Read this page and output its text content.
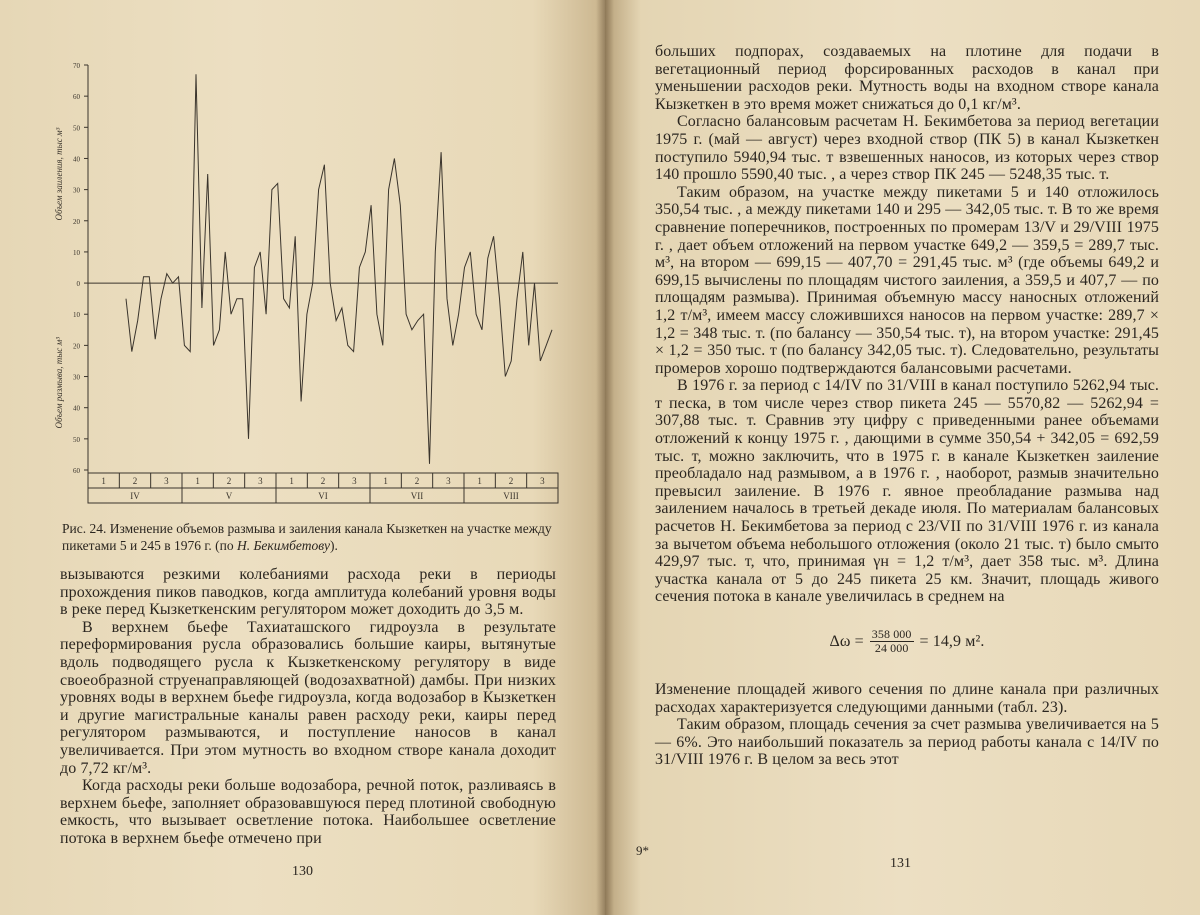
70
60
50
40
30
20
10
0
10
20
30
40
50
60
Объем заиления, тыс м³
Объем размыва, тыс м³
1	2	3	1	2	3	1	2	3	1	2	3	1	2	3
IV	V	VI	VII	VIII
Рис. 24. Изменение объемов размыва и заиления канала Кызкеткен на участке между пикетами 5 и 245 в 1976 г. (по Н. Бекимбетову).

вызываются резкими колебаниями расхода реки в периоды прохождения пиков паводков, когда амплитуда колебаний уровня воды в реке перед Кызкеткенским регулятором может доходить до 3,5 м.

В верхнем бьефе Тахиаташского гидроузла в результате переформирования русла образовались большие каиры, вытянутые вдоль подводящего русла к Кызкеткенскому регулятору в виде своеобразной струенаправляющей (водозахватной) дамбы. При низких уровнях воды в верхнем бьефе гидроузла, когда водозабор в Кызкеткен и другие магистральные каналы равен расходу реки, каиры перед регулятором размываются, и поступление наносов в канал увеличивается. При этом мутность во входном створе канала доходит до 7,72 кг/м³.

Когда расходы реки больше водозабора, речной поток, разливаясь в верхнем бьефе, заполняет образовавшуюся перед плотиной свободную емкость, что вызывает осветление потока. Наибольшее осветление потока в верхнем бьефе отмечено при

130

больших подпорах, создаваемых на плотине для подачи в вегетационный период форсированных расходов в канал при уменьшении расходов реки. Мутность воды на входном створе канала Кызкеткен в это время может снижаться до 0,1 кг/м³.

Согласно балансовым расчетам Н. Бекимбетова за период вегетации 1975 г. (май — август) через входной створ (ПК 5) в канал Кызкеткен поступило 5940,94 тыс. т взвешенных наносов, из которых через створ 140 прошло 5590,40 тыс. , а через створ ПК 245 — 5248,35 тыс. т.

Таким образом, на участке между пикетами 5 и 140 отложилось 350,54 тыс. , а между пикетами 140 и 295 — 342,05 тыс. т. В то же время сравнение поперечников, построенных по промерам 13/V и 29/VIII 1975 г. , дает объем отложений на первом участке 649,2 — 359,5 = 289,7 тыс. м³, на втором — 699,15 — 407,70 = 291,45 тыс. м³ (где объемы 649,2 и 699,15 вычислены по площадям чистого заиления, а 359,5 и 407,7 — по площадям размыва). Принимая объемную массу наносных отложений 1,2 т/м³, имеем массу сложившихся наносов на первом участке: 289,7 × 1,2 = 348 тыс. т. (по балансу — 350,54 тыс. т), на втором участке: 291,45 × 1,2 = 350 тыс. т (по балансу 342,05 тыс. т). Следовательно, результаты промеров хорошо подтверждаются балансовыми расчетами.

В 1976 г. за период с 14/IV по 31/VIII в канал поступило 5262,94 тыс. т песка, в том числе через створ пикета 245 — 5570,82 — 5262,94 = 307,88 тыс. т. Сравнив эту цифру с приведенными ранее объемами отложений к концу 1975 г. , дающими в сумме 350,54 + 342,05 = 692,59 тыс. т, можно заключить, что в 1975 г. в канале Кызкеткен заиление преобладало над размывом, а в 1976 г. , наоборот, размыв значительно превысил заиление. В 1976 г. явное преобладание размыва над заилением началось в третьей декаде июля. По материалам балансовых расчетов Н. Бекимбетова за период с 23/VII по 31/VIII 1976 г. из канала за вычетом объема небольшого отложения (около 21 тыс. т) было смыто 429,97 тыс. т, что, принимая γн = 1,2 т/м³, дает 358 тыс. м³. Длина участка канала от 5 до 245 пикета 25 км. Значит, площадь живого сечения потока в канале увеличилась в среднем на

$\Delta\omega = \frac{358 000}{24 000} = 14,9$ м².

Изменение площадей живого сечения по длине канала при различных расходах характеризуется следующими данными (табл. 23).

Таким образом, площадь сечения за счет размыва увеличивается на 5 — 6%. Это наибольший показатель за период работы канала с 14/IV по 31/VIII 1976 г. В целом за весь этот

9*
131
